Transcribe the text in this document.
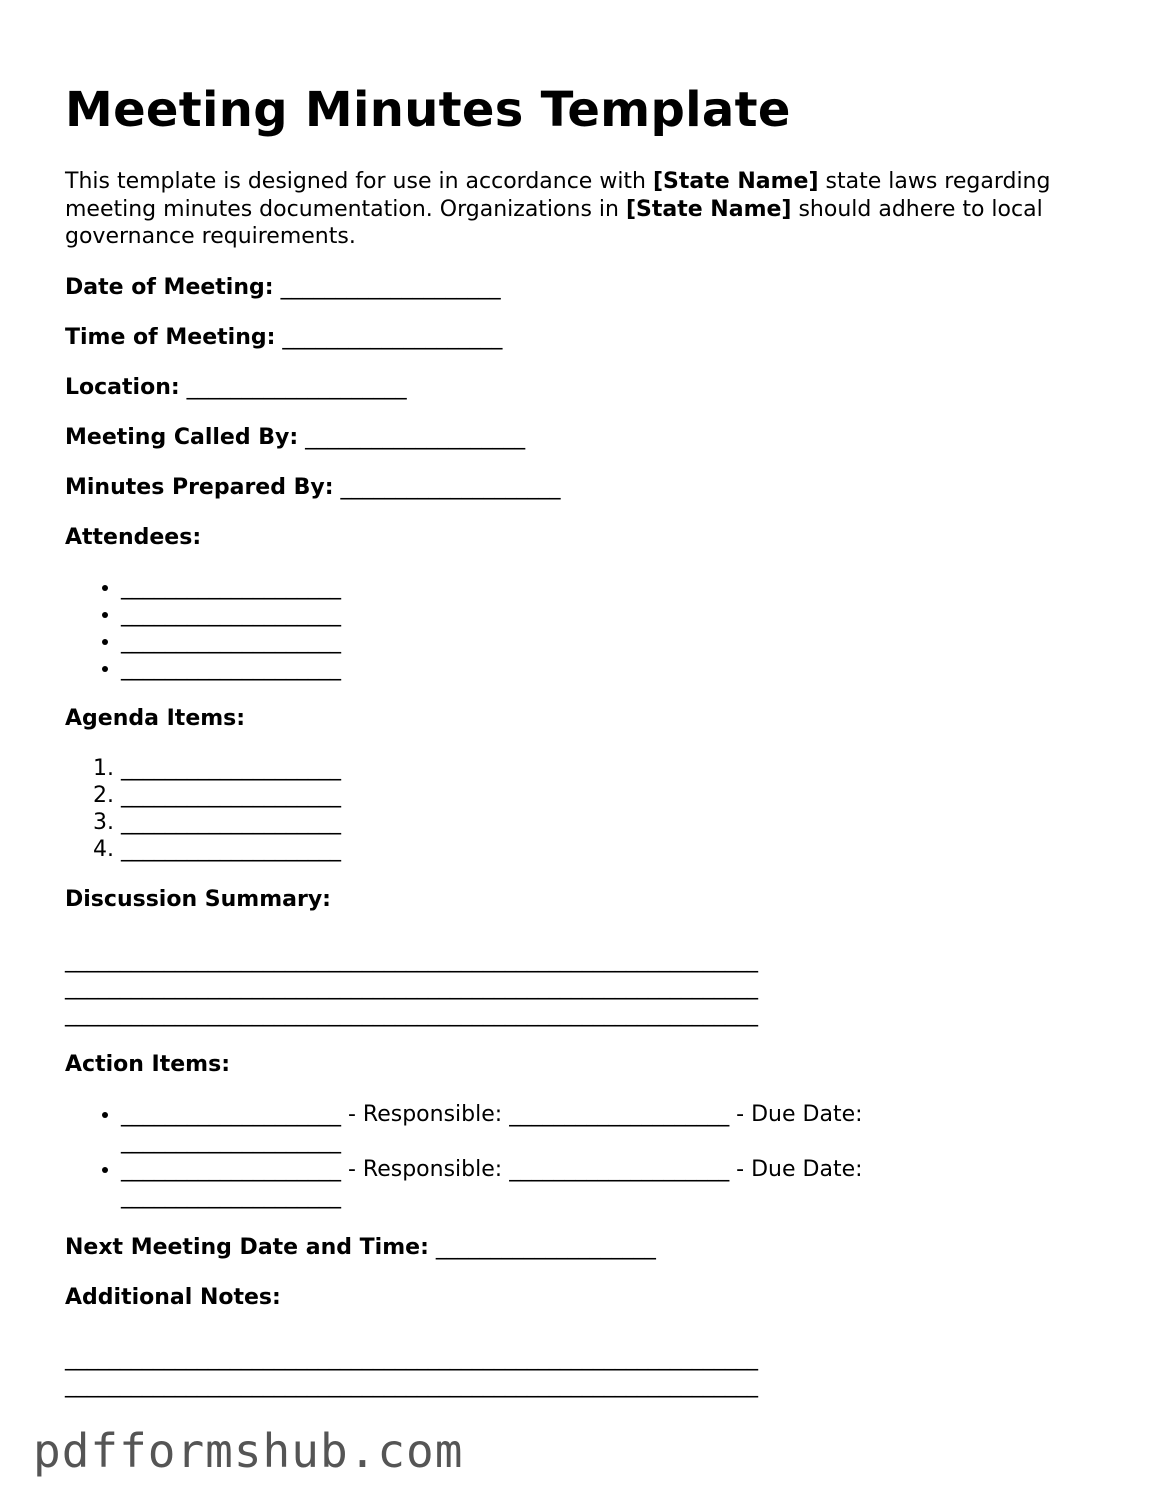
Meeting Minutes Template

This template is designed for use in accordance with [State Name] state laws regarding meeting minutes documentation. Organizations in [State Name] should adhere to local governance requirements.

Date of Meeting: ____________________
Time of Meeting: ____________________
Location: ____________________
Meeting Called By: ____________________
Minutes Prepared By: ____________________
Attendees:
• ____________________
• ____________________
• ____________________
• ____________________
Agenda Items:
1. ____________________
2. ____________________
3. ____________________
4. ____________________
Discussion Summary:
_______________________________________________________________
_______________________________________________________________
_______________________________________________________________
Action Items:
• ____________________ - Responsible: ____________________ - Due Date: ____________________
• ____________________ - Responsible: ____________________ - Due Date: ____________________
Next Meeting Date and Time: ____________________
Additional Notes:
_______________________________________________________________
_______________________________________________________________
pdfformshub.com
